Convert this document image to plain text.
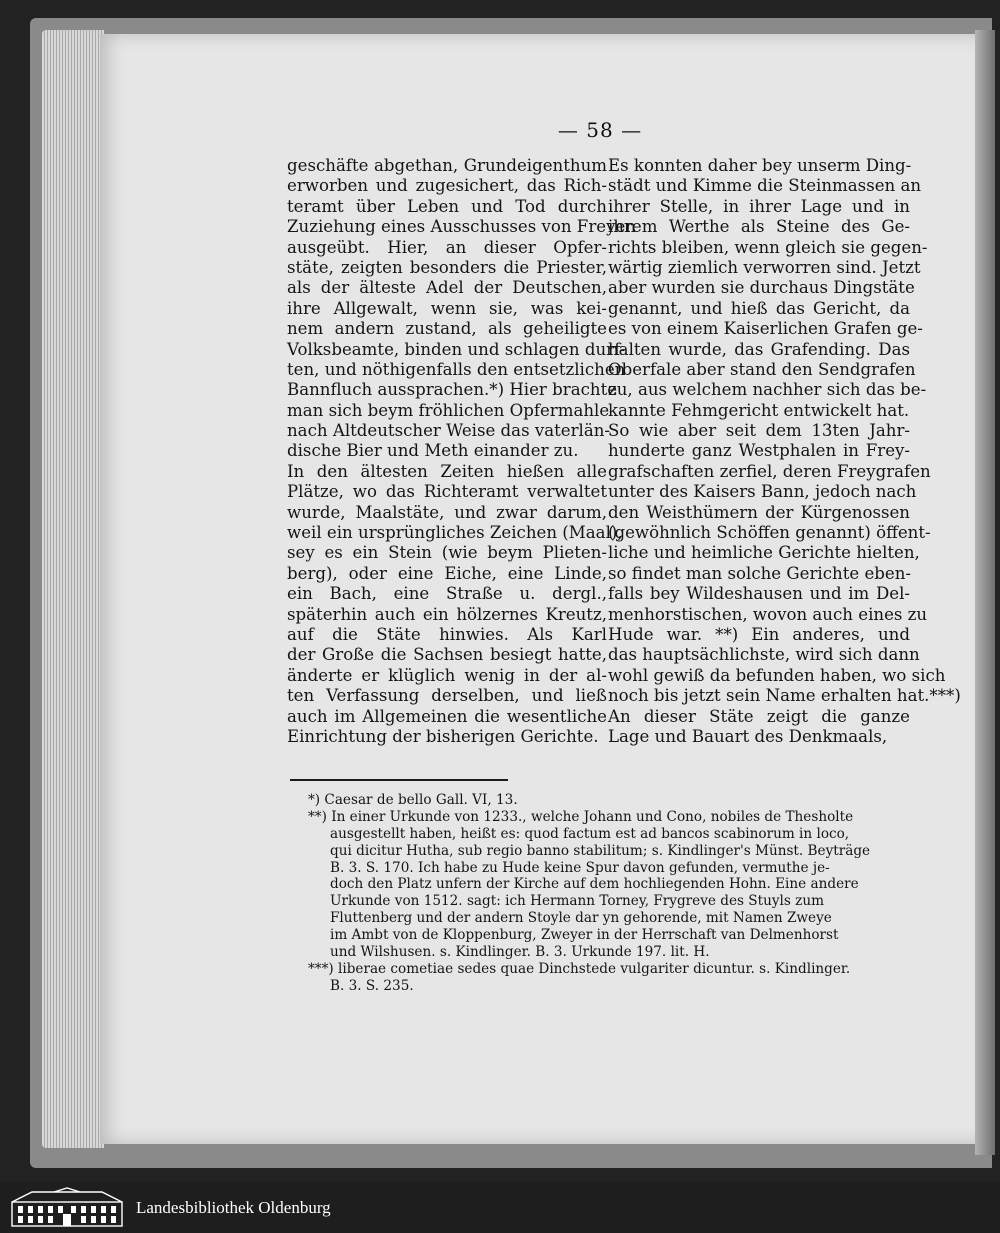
— 58 —
geschäfte abgethan, Grundeigenthum
erworben und zugesichert, das Rich-
teramt über Leben und Tod durch
Zuziehung eines Ausschusses von Freyen
ausgeübt. Hier, an dieser Opfer-
stäte, zeigten besonders die Priester,
als der älteste Adel der Deutschen,
ihre Allgewalt, wenn sie, was kei-
nem andern zustand, als geheiligte
Volksbeamte, binden und schlagen durf-
ten, und nöthigenfalls den entsetzlichen
Bannfluch aussprachen.*) Hier brachte
man sich beym fröhlichen Opfermahle
nach Altdeutscher Weise das vaterlän-
dische Bier und Meth einander zu.
In den ältesten Zeiten hießen alle
Plätze, wo das Richteramt verwaltet
wurde, Maalstäte, und zwar darum,
weil ein ursprüngliches Zeichen (Maal),
sey es ein Stein (wie beym Plieten-
berg), oder eine Eiche, eine Linde,
ein Bach, eine Straße u. dergl.,
späterhin auch ein hölzernes Kreutz,
auf die Stäte hinwies. Als Karl
der Große die Sachsen besiegt hatte,
änderte er klüglich wenig in der al-
ten Verfassung derselben, und ließ
auch im Allgemeinen die wesentliche
Einrichtung der bisherigen Gerichte.
Es konnten daher bey unserm Ding-
städt und Kimme die Steinmassen an
ihrer Stelle, in ihrer Lage und in
ihrem Werthe als Steine des Ge-
richts bleiben, wenn gleich sie gegen-
wärtig ziemlich verworren sind. Jetzt
aber wurden sie durchaus Dingstäte
genannt, und hieß das Gericht, da
es von einem Kaiserlichen Grafen ge-
halten wurde, das Grafending. Das
Oberfale aber stand den Sendgrafen
zu, aus welchem nachher sich das be-
kannte Fehmgericht entwickelt hat.
So wie aber seit dem 13ten Jahr-
hunderte ganz Westphalen in Frey-
grafschaften zerfiel, deren Freygrafen
unter des Kaisers Bann, jedoch nach
den Weisthümern der Kürgenossen
(gewöhnlich Schöffen genannt) öffent-
liche und heimliche Gerichte hielten,
so findet man solche Gerichte eben-
falls bey Wildeshausen und im Del-
menhorstischen, wovon auch eines zu
Hude war. **) Ein anderes, und
das hauptsächlichste, wird sich dann
wohl gewiß da befunden haben, wo sich
noch bis jetzt sein Name erhalten hat.***)
An dieser Stäte zeigt die ganze
Lage und Bauart des Denkmaals,
*) Caesar de bello Gall. VI, 13.
**) In einer Urkunde von 1233., welche Johann und Cono, nobiles de Thesholte
ausgestellt haben, heißt es: quod factum est ad bancos scabinorum in loco,
qui dicitur Hutha, sub regio banno stabilitum; s. Kindlinger's Münst. Beyträge
B. 3. S. 170. Ich habe zu Hude keine Spur davon gefunden, vermuthe je-
doch den Platz unfern der Kirche auf dem hochliegenden Hohn. Eine andere
Urkunde von 1512. sagt: ich Hermann Torney, Frygreve des Stuyls zum
Fluttenberg und der andern Stoyle dar yn gehorende, mit Namen Zweye
im Ambt von de Kloppenburg, Zweyer in der Herrschaft van Delmenhorst
und Wilshusen. s. Kindlinger. B. 3. Urkunde 197. lit. H.
***) liberae cometiae sedes quae Dinchstede vulgariter dicuntur. s. Kindlinger.
B. 3. S. 235.
Landesbibliothek Oldenburg
